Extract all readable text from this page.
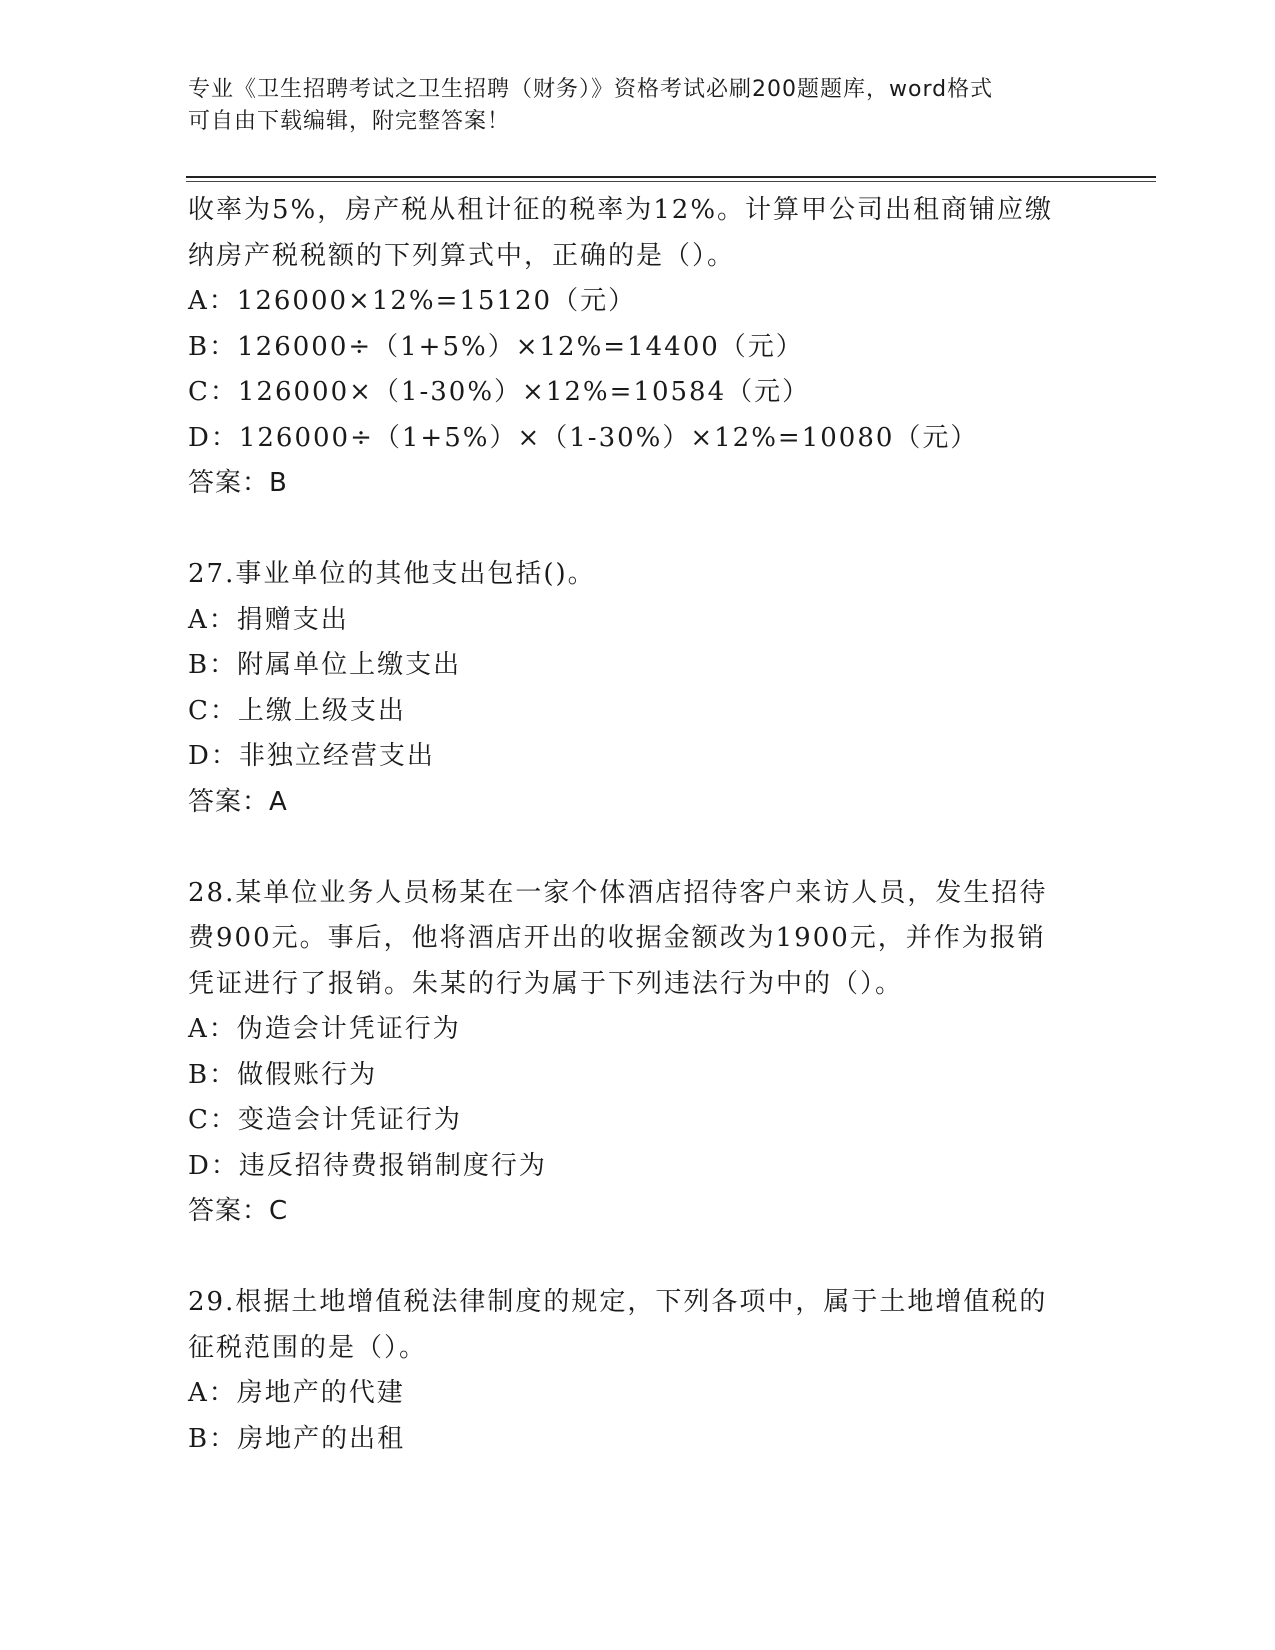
专业《卫生招聘考试之卫生招聘（财务）》资格考试必刷200题题库，word格式
可自由下载编辑，附完整答案！
收率为5%，房产税从租计征的税率为12%。计算甲公司出租商铺应缴
纳房产税税额的下列算式中，正确的是（）。
A：126000×12%=15120（元）
B：126000÷（1+5%）×12%=14400（元）
C：126000×（1-30%）×12%=10584（元）
D：126000÷（1+5%）×（1-30%）×12%=10080（元）
答案：B
27.事业单位的其他支出包括()。
A：捐赠支出
B：附属单位上缴支出
C：上缴上级支出
D：非独立经营支出
答案：A
28.某单位业务人员杨某在一家个体酒店招待客户来访人员，发生招待
费900元。事后，他将酒店开出的收据金额改为1900元，并作为报销
凭证进行了报销。朱某的行为属于下列违法行为中的（）。
A：伪造会计凭证行为
B：做假账行为
C：变造会计凭证行为
D：违反招待费报销制度行为
答案：C
29.根据土地增值税法律制度的规定，下列各项中，属于土地增值税的
征税范围的是（）。
A：房地产的代建
B：房地产的出租
